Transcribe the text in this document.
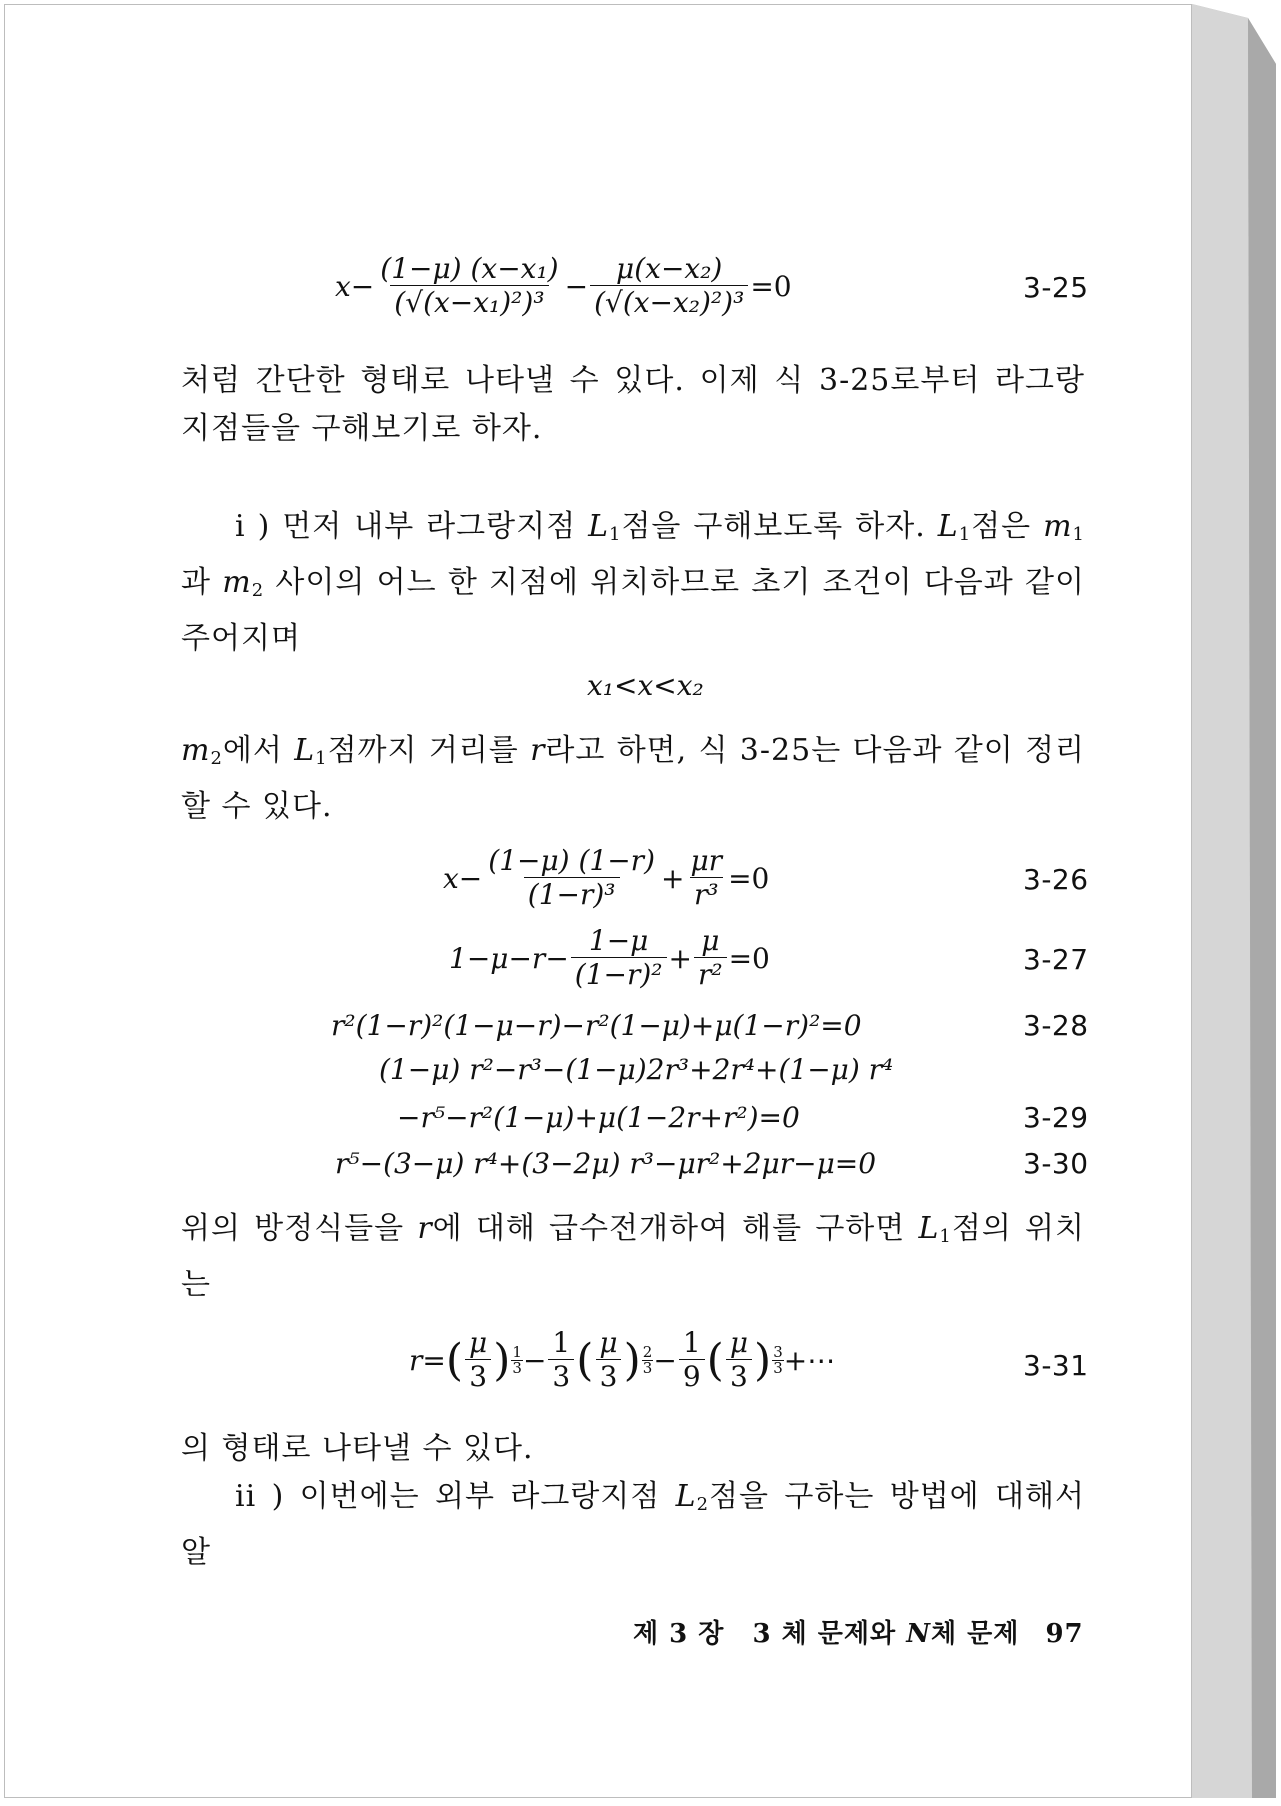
$x - \frac{\text{(1−μ) (x−x₁)}}{\text{(√(x−x₁)²)³}} - \frac{\text{μ(x−x₂)}}{\text{(√(x−x₂)²)³}} =0$	3-25

처럼 간단한 형태로 나타낼 수 있다. 이제 식 3-25로부터 라그랑 지점들을 구해보기로 하자.

i ) 먼저 내부 라그랑지점 $L_1$점을 구해보도록 하자. $L_1$점은 $m_1$ 과 $m_2$ 사이의 어느 한 지점에 위치하므로 초기 조건이 다음과 같이 주어지며

x₁<x<x₂

$m_2$에서 $L_1$점까지 거리를 r라고 하면, 식 3-25는 다음과 같이 정리할 수 있다.

$x- \frac{(1-\mu) (1-r)}{\text{(1−r)³}} + \frac{\mu r}{\text{r³}} =0$	3-26
$1-\mu-r- \frac{1-\mu}{\text{(1−r)²}} + \frac{\mu}{\text{r²}} =0$	3-27
r²(1−r)²(1−μ−r)−r²(1−μ)+μ(1−r)²=0	3-28
(1−μ) r²−r³−(1−μ)2r³+2r⁴+(1−μ) r⁴
−r⁵−r²(1−μ)+μ(1−2r+r²)=0	3-29
r⁵−(3−μ) r⁴+(3−2μ) r³−μr²+2μr−μ=0	3-30

위의 방정식들을 r에 대해 급수전개하여 해를 구하면 $L_1$점의 위치는

r= ( $\frac{\mu}{3}$ ) $\frac{1}{3} - \frac{1}{3}$ ( $\frac{\mu}{3}$ ) $\frac{2}{3} - \frac{1}{9}$ ( $\frac{\mu}{3}$ ) $\frac{3}{3}$ +⋯	3-31

의 형태로 나타낼 수 있다.

ii ) 이번에는 외부 라그랑지점 $L_2$점을 구하는 방법에 대해서 알

제 3 장 3 체 문제와 N체 문제 97
